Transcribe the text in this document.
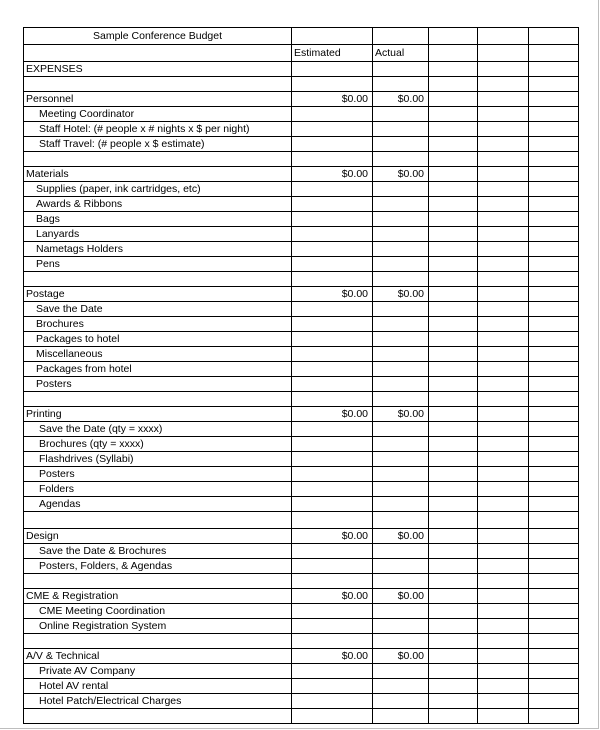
Sample Conference Budget					
	Estimated	Actual			
EXPENSES					

Personnel	$0.00	$0.00			
Meeting Coordinator					
Staff Hotel: (# people x # nights x $ per night)					
Staff Travel: (# people x $ estimate)					

Materials	$0.00	$0.00			
Supplies (paper, ink cartridges, etc)					
Awards & Ribbons					
Bags					
Lanyards					
Nametags Holders					
Pens					

Postage	$0.00	$0.00			
Save the Date					
Brochures					
Packages to hotel					
Miscellaneous					
Packages from hotel					
Posters					

Printing	$0.00	$0.00			
Save the Date (qty = xxxx)					
Brochures (qty = xxxx)					
Flashdrives (Syllabi)					
Posters					
Folders					
Agendas					

Design	$0.00	$0.00			
Save the Date & Brochures					
Posters, Folders, & Agendas					

CME & Registration	$0.00	$0.00			
CME Meeting Coordination					
Online Registration System					

A/V & Technical	$0.00	$0.00			
Private AV Company					
Hotel AV rental					
Hotel Patch/Electrical Charges					
